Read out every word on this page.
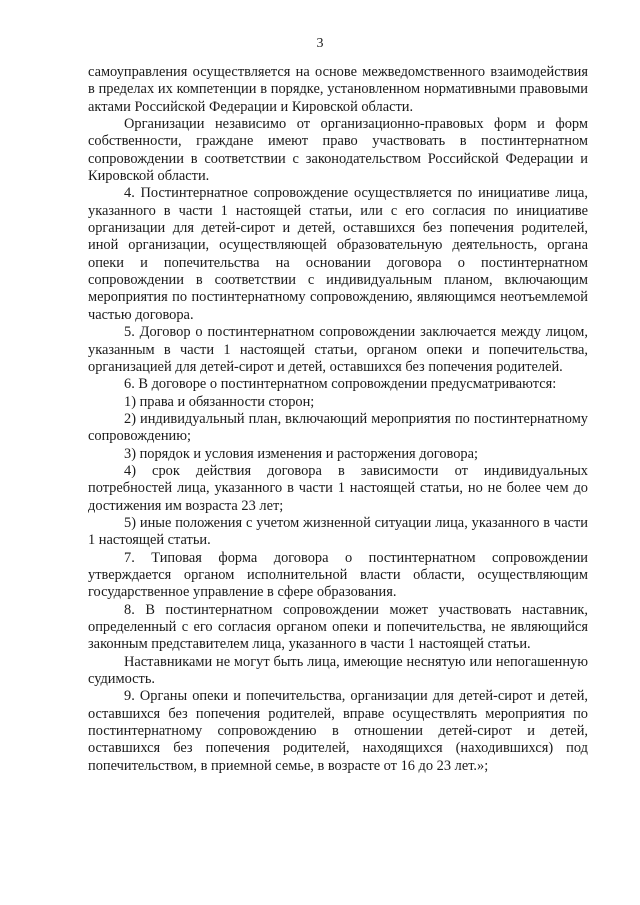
3

самоуправления осуществляется на основе межведомственного взаимодействия в пределах их компетенции в порядке, установленном нормативными правовыми актами Российской Федерации и Кировской области.

Организации независимо от организационно-правовых форм и форм собственности, граждане имеют право участвовать в постинтернатном сопровождении в соответствии с законодательством Российской Федерации и Кировской области.

4. Постинтернатное сопровождение осуществляется по инициативе лица, указанного в части 1 настоящей статьи, или с его согласия по инициативе организации для детей-сирот и детей, оставшихся без попечения родителей, иной организации, осуществляющей образовательную деятельность, органа опеки и попечительства на основании договора о постинтернатном сопровождении в соответствии с индивидуальным планом, включающим мероприятия по постинтернатному сопровождению, являющимся неотъемлемой частью договора.

5. Договор о постинтернатном сопровождении заключается между лицом, указанным в части 1 настоящей статьи, органом опеки и попечительства, организацией для детей-сирот и детей, оставшихся без попечения родителей.

6. В договоре о постинтернатном сопровождении предусматриваются:

1) права и обязанности сторон;

2) индивидуальный план, включающий мероприятия по постинтернатному сопровождению;

3) порядок и условия изменения и расторжения договора;

4) срок действия договора в зависимости от индивидуальных потребностей лица, указанного в части 1 настоящей статьи, но не более чем до достижения им возраста 23 лет;

5) иные положения с учетом жизненной ситуации лица, указанного в части 1 настоящей статьи.

7. Типовая форма договора о постинтернатном сопровождении утверждается органом исполнительной власти области, осуществляющим государственное управление в сфере образования.

8. В постинтернатном сопровождении может участвовать наставник, определенный с его согласия органом опеки и попечительства, не являющийся законным представителем лица, указанного в части 1 настоящей статьи.

Наставниками не могут быть лица, имеющие неснятую или непогашенную судимость.

9. Органы опеки и попечительства, организации для детей-сирот и детей, оставшихся без попечения родителей, вправе осуществлять мероприятия по постинтернатному сопровождению в отношении детей-сирот и детей, оставшихся без попечения родителей, находящихся (находившихся) под попечительством, в приемной семье, в возрасте от 16 до 23 лет.»;
